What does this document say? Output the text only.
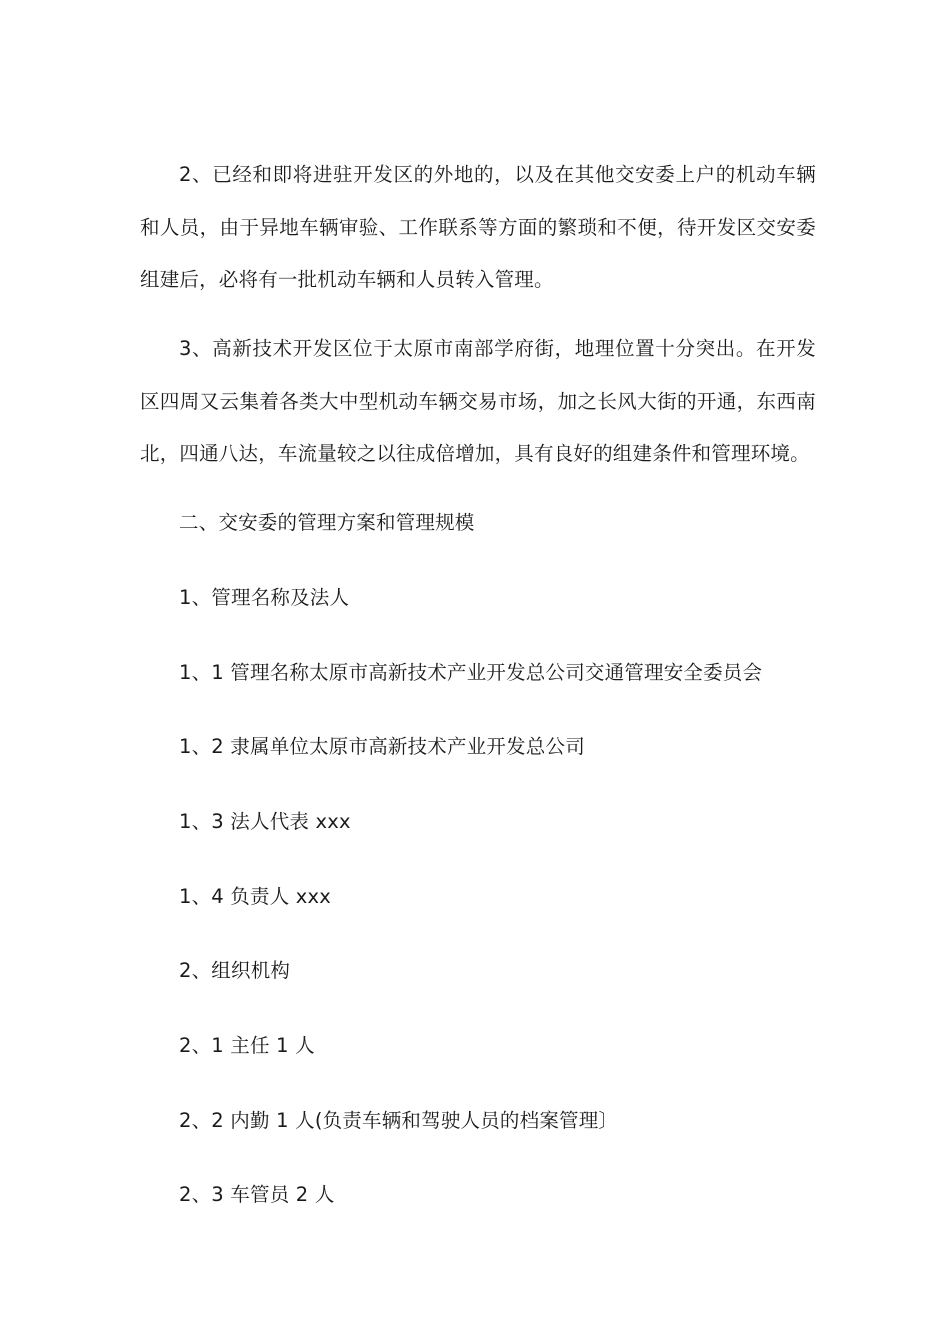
2、已经和即将进驻开发区的外地的，以及在其他交安委上户的机动车辆和人员，由于异地车辆审验、工作联系等方面的繁琐和不便，待开发区交安委组建后，必将有一批机动车辆和人员转入管理。

3、高新技术开发区位于太原市南部学府街，地理位置十分突出。在开发区四周又云集着各类大中型机动车辆交易市场，加之长风大街的开通，东西南北，四通八达，车流量较之以往成倍增加，具有良好的组建条件和管理环境。

二、交安委的管理方案和管理规模

1、管理名称及法人

1、1 管理名称太原市高新技术产业开发总公司交通管理安全委员会

1、2 隶属单位太原市高新技术产业开发总公司

1、3 法人代表 xxx

1、4 负责人 xxx

2、组织机构

2、1 主任 1 人

2、2 内勤 1 人(负责车辆和驾驶人员的档案管理〕

2、3 车管员 2 人
